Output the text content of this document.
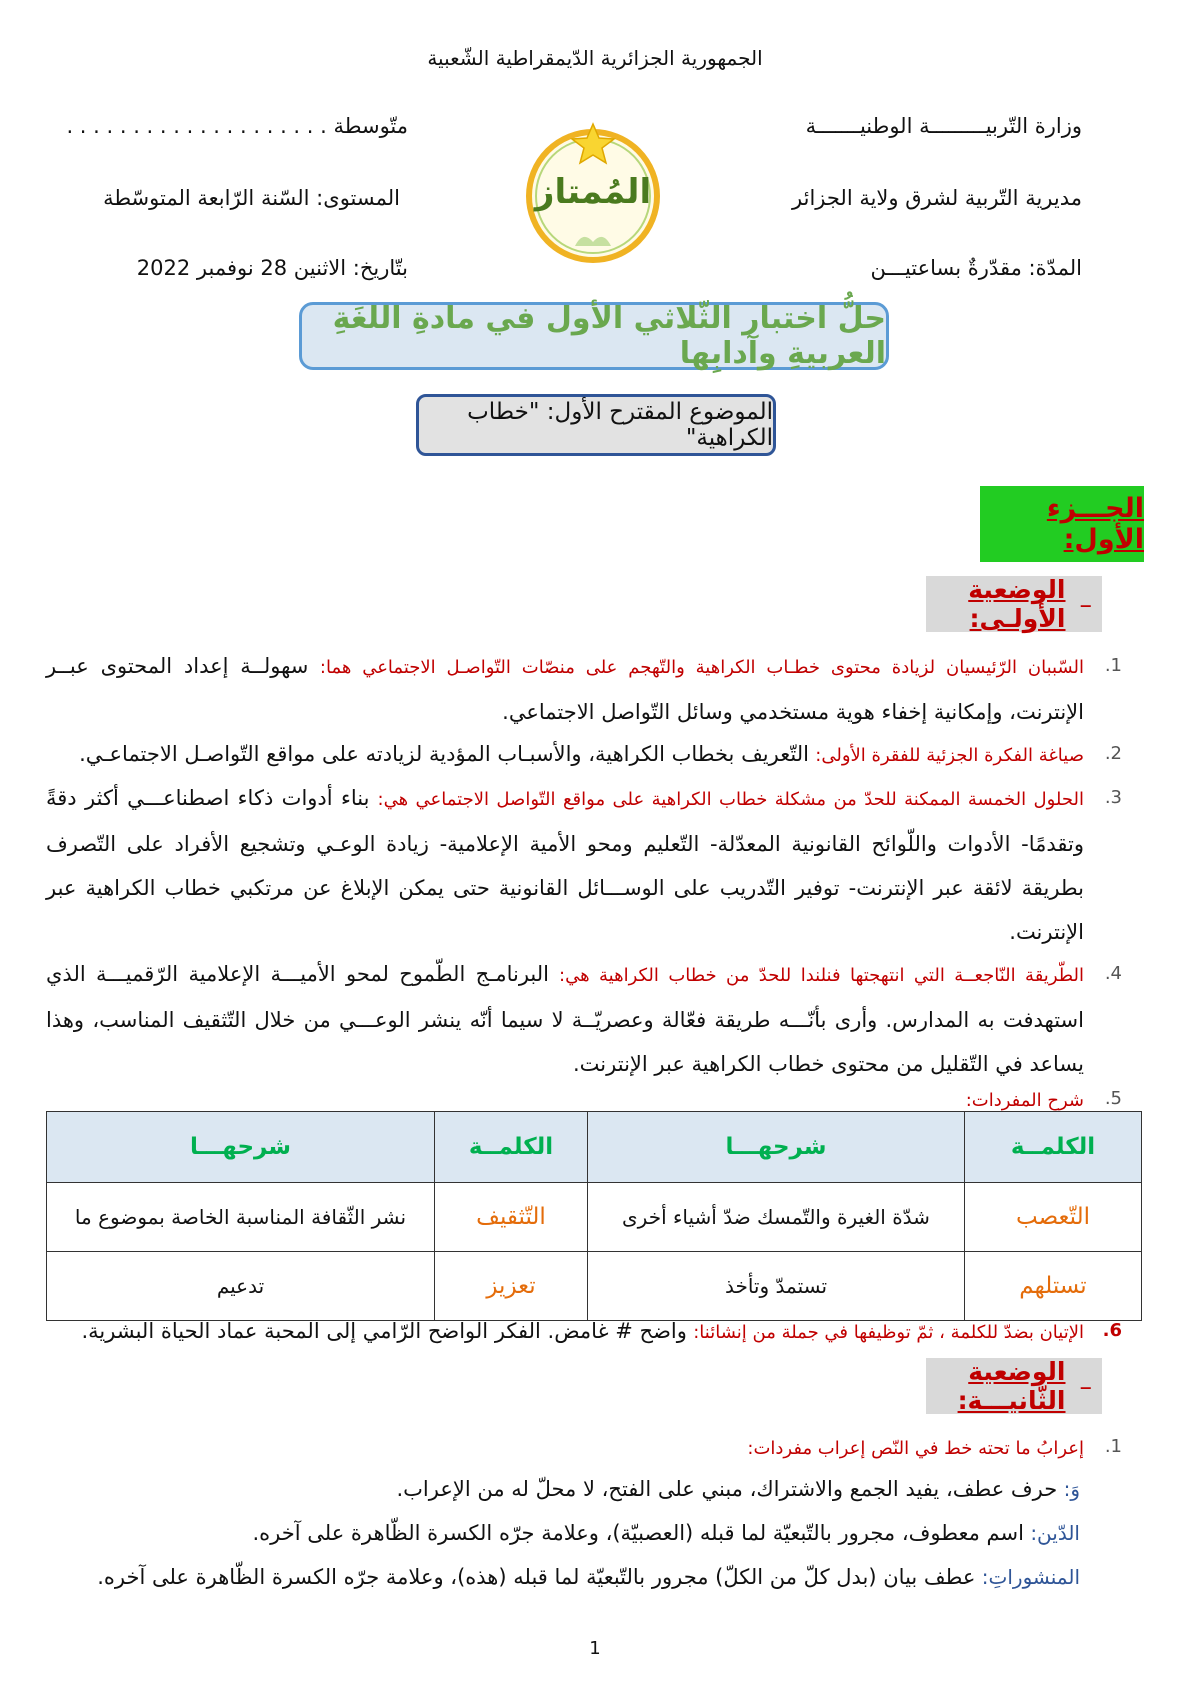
الجمهورية الجزائرية الدّيمقراطية الشّعبية
وزارة التّربيـــــــــة الوطنيـــــــة
متّوسطة . . . . . . . . . . . . . . . . . . . .
مديرية التّربية لشرق ولاية الجزائر
المستوى: السّنة الرّابعة المتوسّطة
المدّة: مقدّرةٌ بساعتيـــن
بتّاريخ: الاثنين 28 نوفمبر 2022
المُمتاز
حلُّ اختبار الثّلاثي الأول في مادةِ اللغَةِ العربيةِ وآدابِها
الموضوع المقترح الأول: "خطاب الكراهية"
الجـــزء الأول:
–
الوضعية الأولـى:
1.
السّببان الرّئيسيان لزيادة محتوى خطـاب الكراهية والتّهجم على منصّات التّواصـل الاجتماعي هما: سهولــة إعداد المحتوى عبــر الإنترنت، وإمكانية إخفاء هوية مستخدمي وسائل التّواصل الاجتماعي.
2.
صياغة الفكرة الجزئية للفقرة الأولى: التّعريف بخطاب الكراهية، والأسبـاب المؤدية لزيادته على مواقع التّواصـل الاجتماعـي.
3.
الحلول الخمسة الممكنة للحدّ من مشكلة خطاب الكراهية على مواقع التّواصل الاجتماعي هي: بناء أدوات ذكاء اصطناعـــي أكثر دقةً وتقدمًا- الأدوات واللّوائح القانونية المعدّلة- التّعليم ومحو الأمية الإعلامية- زيادة الوعـي وتشجيع الأفراد على التّصرف بطريقة لائقة عبر الإنترنت- توفير التّدريب على الوســـائل القانونية حتى يمكن الإبلاغ عن مرتكبي خطاب الكراهية عبر الإنترنت.
4.
الطّريقة النّاجعــة التي انتهجتها فنلندا للحدّ من خطاب الكراهية هي: البرنامـج الطّموح لمحو الأميـــة الإعلامية الرّقميـــة الذي استهدفت به المدارس. وأرى بأنّـــه طريقة فعّالة وعصريّــة لا سيما أنّه ينشر الوعـــي من خلال التّثقيف المناسب، وهذا يساعد في التّقليل من محتوى خطاب الكراهية عبر الإنترنت.
5.
شرح المفردات:
الكلمــة	شرحهـــا	الكلمــة	شرحهـــا
التّعصب	شدّة الغيرة والتّمسك ضدّ أشياء أخرى	التّثقيف	نشر الثّقافة المناسبة الخاصة بموضوع ما
تستلهم	تستمدّ وتأخذ	تعزيز	تدعيم
6.
الإتيان بضدّ للكلمة ، ثمّ توظيفها في جملة من إنشائنا: واضح # غامض. الفكر الواضح الرّامي إلى المحبة عماد الحياة البشرية.
–
الوضعية الثّانيـــة:
1.
إعرابُ ما تحته خط في النّص إعراب مفردات:
وَ: حرف عطف، يفيد الجمع والاشتراك، مبني على الفتح، لا محلّ له من الإعراب.
الدّين: اسم معطوف، مجرور بالتّبعيّة لما قبله (العصبيّة)، وعلامة جرّه الكسرة الظّاهرة على آخره.
المنشوراتِ: عطف بيان (بدل كلّ من الكلّ) مجرور بالتّبعيّة لما قبله (هذه)، وعلامة جرّه الكسرة الظّاهرة على آخره.
1
